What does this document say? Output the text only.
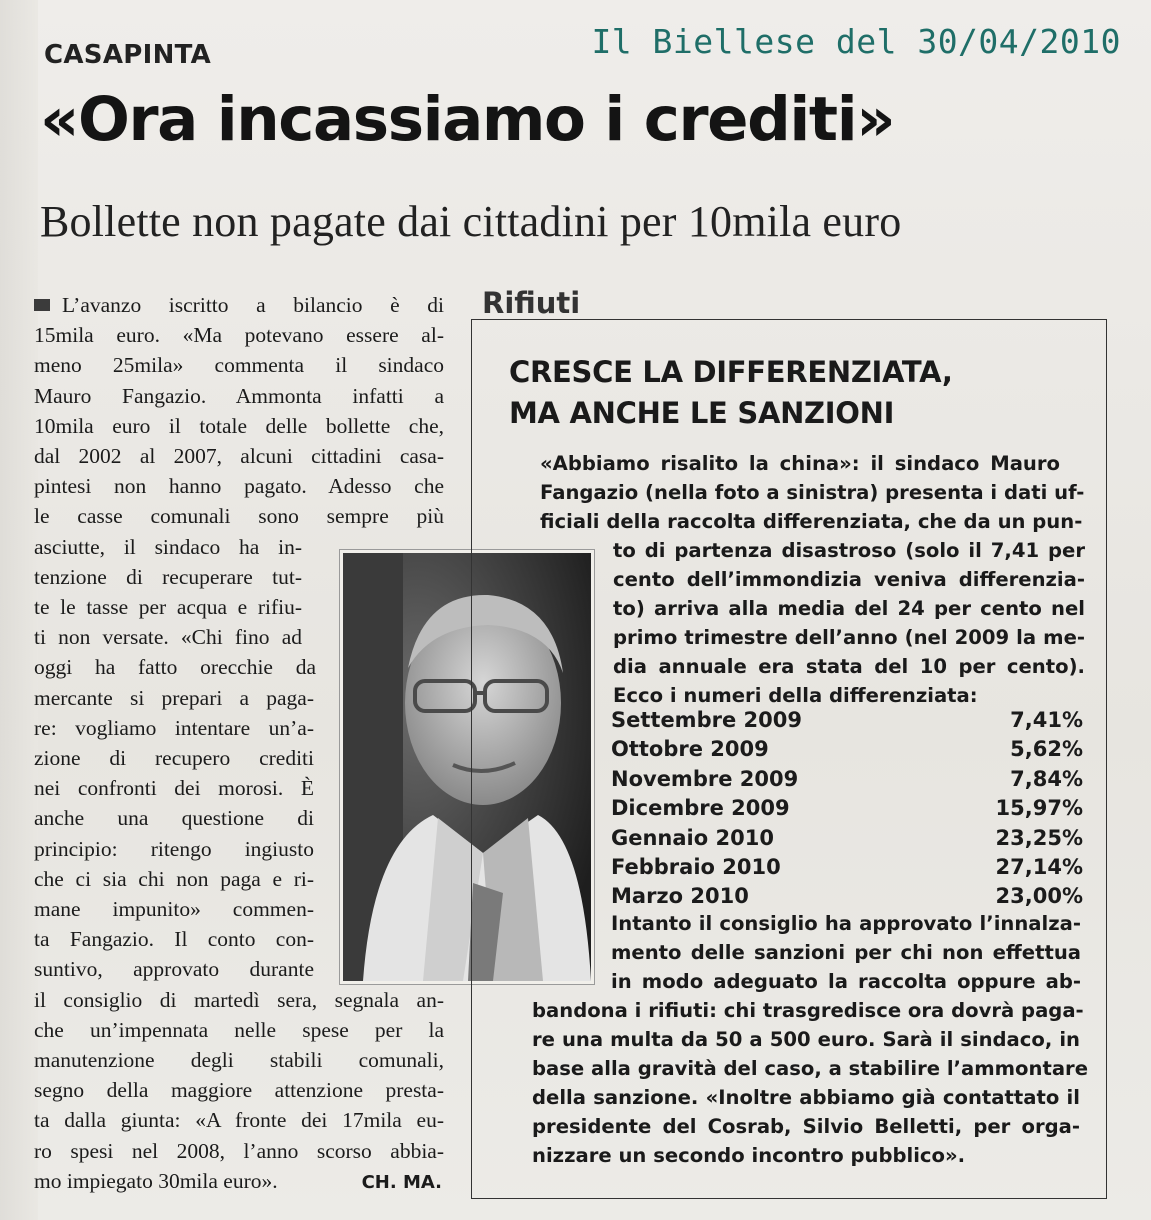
Il Biellese del 30/04/2010
CASAPINTA
«Ora incassiamo i crediti»
Bollette non pagate dai cittadini per 10mila euro
L’avanzo iscritto a bilancio è di
15mila euro. «Ma potevano essere al-
meno 25mila» commenta il sindaco
Mauro Fangazio. Ammonta infatti a
10mila euro il totale delle bollette che,
dal 2002 al 2007, alcuni cittadini casa-
pintesi non hanno pagato. Adesso che
le casse comunali sono sempre più
asciutte, il sindaco ha in-
tenzione di recuperare tut-
te le tasse per acqua e rifiu-
ti non versate. «Chi fino ad
oggi ha fatto orecchie da
mercante si prepari a paga-
re: vogliamo intentare un’a-
zione di recupero crediti
nei confronti dei morosi. È
anche una questione di
principio: ritengo ingiusto
che ci sia chi non paga e ri-
mane impunito» commen-
ta Fangazio. Il conto con-
suntivo, approvato durante
il consiglio di martedì sera, segnala an-
che un’impennata nelle spese per la
manutenzione degli stabili comunali,
segno della maggiore attenzione presta-
ta dalla giunta: «A fronte dei 17mila eu-
ro spesi nel 2008, l’anno scorso abbia-
mo impiegato 30mila euro».	CH. MA.
Rifiuti
CRESCE LA DIFFERENZIATA,
MA ANCHE LE SANZIONI
«Abbiamo risalito la china»: il sindaco Mauro
Fangazio (nella foto a sinistra) presenta i dati uf-
ficiali della raccolta differenziata, che da un pun-
to di partenza disastroso (solo il 7,41 per
cento dell’immondizia veniva differenzia-
to) arriva alla media del 24 per cento nel
primo trimestre dell’anno (nel 2009 la me-
dia annuale era stata del 10 per cento).
Ecco i numeri della differenziata:
Settembre 2009	7,41%
Ottobre 2009	5,62%
Novembre 2009	7,84%
Dicembre 2009	15,97%
Gennaio 2010	23,25%
Febbraio 2010	27,14%
Marzo 2010	23,00%
Intanto il consiglio ha approvato l’innalza-
mento delle sanzioni per chi non effettua
in modo adeguato la raccolta oppure ab-
bandona i rifiuti: chi trasgredisce ora dovrà paga-
re una multa da 50 a 500 euro. Sarà il sindaco, in
base alla gravità del caso, a stabilire l’ammontare
della sanzione. «Inoltre abbiamo già contattato il
presidente del Cosrab, Silvio Belletti, per orga-
nizzare un secondo incontro pubblico».
